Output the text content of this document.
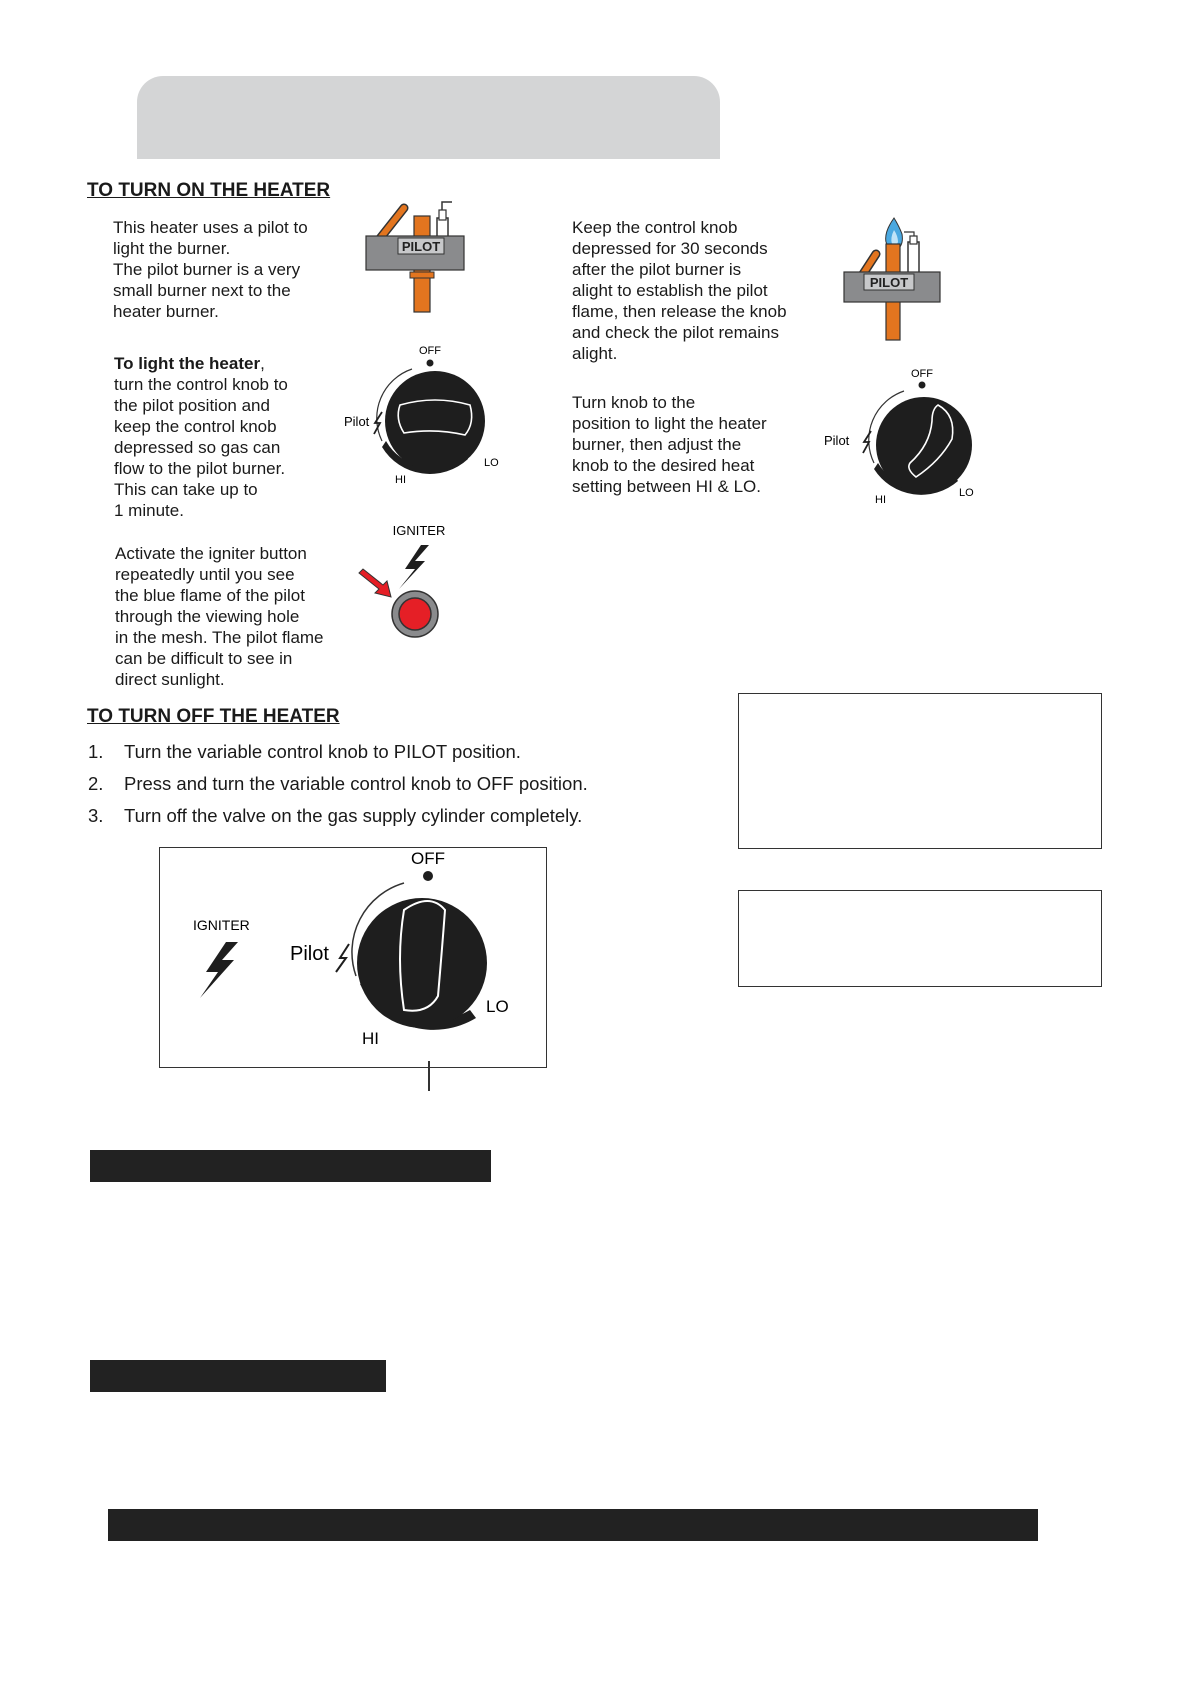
TO TURN ON THE HEATER
This heater uses a pilot to
light the burner.
The pilot burner is a very
small burner next to the
heater burner.
PILOT
To light the heater,
turn the control knob to
the pilot position and
keep the control knob
depressed so gas can
flow to the pilot burner.
This can take up to
1 minute.
OFF
Pilot
HI
LO
Activate the igniter button
repeatedly until you see
the blue flame of the pilot
through the viewing hole
in the mesh. The pilot flame
can be difficult to see in
direct sunlight.
IGNITER
Keep the control knob
depressed for 30 seconds
after the pilot burner is
alight to establish the pilot
flame, then release the knob
and check the pilot remains
alight.
PILOT
Turn knob to the
position to light the heater
burner, then adjust the
knob to the desired heat
setting between HI & LO.
OFF
Pilot
HI
LO
TO TURN OFF THE HEATER
1. Turn the variable control knob to PILOT position.
2. Press and turn the variable control knob to OFF position.
3. Turn off the valve on the gas supply cylinder completely.
IGNITER
OFF
Pilot
HI
LO
